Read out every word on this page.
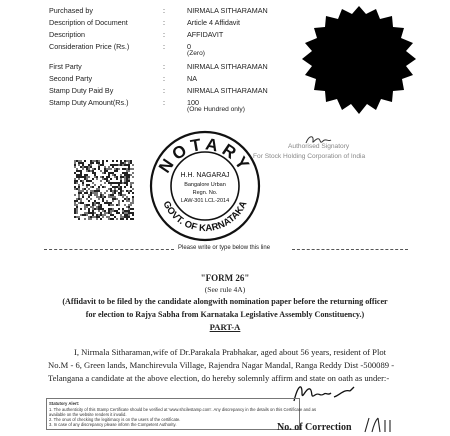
Purchased by	:	NIRMALA SITHARAMAN
Description of Document	:	Article 4 Affidavit
Description	:	AFFIDAVIT
Consideration Price (Rs.)	:	0
(Zero)
First Party	:	NIRMALA SITHARAMAN
Second Party	:	NA
Stamp Duty Paid By	:	NIRMALA SITHARAMAN
Stamp Duty Amount(Rs.)	:	100
(One Hundred only)
Authorised Signatory
For Stock Holding Corporation of India
NOTARY
GOVT. OF KARNATAKA
H.H. NAGARAJ
Bangalore Urban
Regn. No.
LAW-301 LCL-2014
Please write or type below this line
"FORM 26"
(See rule 4A)
(Affidavit to be filed by the candidate alongwith nomination paper before the returning officer
for election to Rajya Sabha from Karnataka Legislative Assembly Constituency.)
PART-A
I, Nirmala Sitharaman,wife of Dr.Parakala Prabhakar, aged about 56 years, resident of Plot
No.M - 6, Green lands, Manchirevula Village, Rajendra Nagar Mandal, Ranga Reddy Dist -500089 -
Telangana a candidate at the above election, do hereby solemnly affirm and state on oath as under:-
Statutory Alert:
1. The authenticity of this Stamp Certificate should be verified at 'www.shcilestamp.com'. Any discrepancy in the details on this Certificate and as
available on the website renders it invalid.
2. The onus of checking the legitimacy is on the users of the certificate.
3. In case of any discrepancy please inform the Competent Authority.	No. of Correction
